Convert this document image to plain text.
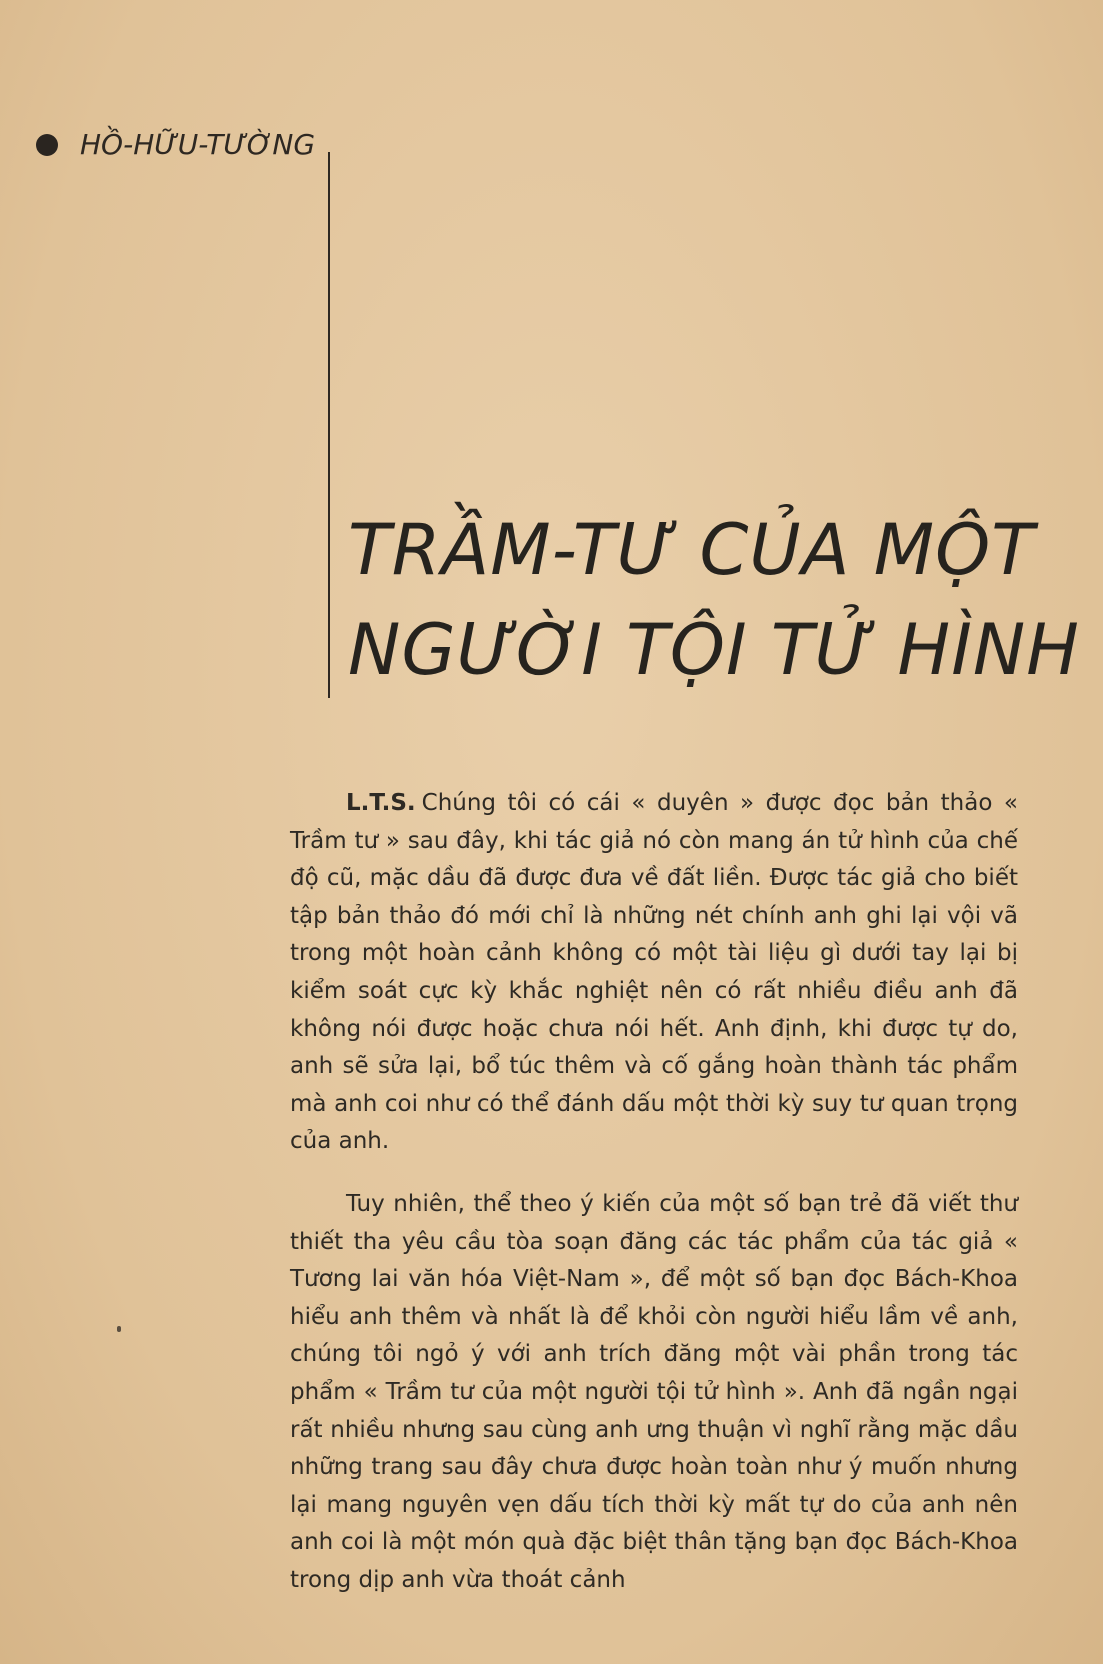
HỒ-HỮU-TƯỜNG
TRẦM-TƯ CỦA MỘT
NGƯỜI TỘI TỬ HÌNH

L.T.S. Chúng tôi có cái « duyên » được đọc bản thảo « Trầm tư » sau đây, khi tác giả nó còn mang án tử hình của chế độ cũ, mặc dầu đã được đưa về đất liền. Được tác giả cho biết tập bản thảo đó mới chỉ là những nét chính anh ghi lại vội vã trong một hoàn cảnh không có một tài liệu gì dưới tay lại bị kiểm soát cực kỳ khắc nghiệt nên có rất nhiều điều anh đã không nói được hoặc chưa nói hết. Anh định, khi được tự do, anh sẽ sửa lại, bổ túc thêm và cố gắng hoàn thành tác phẩm mà anh coi như có thể đánh dấu một thời kỳ suy tư quan trọng của anh.

Tuy nhiên, thể theo ý kiến của một số bạn trẻ đã viết thư thiết tha yêu cầu tòa soạn đăng các tác phẩm của tác giả « Tương lai văn hóa Việt-Nam », để một số bạn đọc Bách-Khoa hiểu anh thêm và nhất là để khỏi còn người hiểu lầm về anh, chúng tôi ngỏ ý với anh trích đăng một vài phần trong tác phẩm « Trầm tư của một người tội tử hình ». Anh đã ngần ngại rất nhiều nhưng sau cùng anh ưng thuận vì nghĩ rằng mặc dầu những trang sau đây chưa được hoàn toàn như ý muốn nhưng lại mang nguyên vẹn dấu tích thời kỳ mất tự do của anh nên anh coi là một món quà đặc biệt thân tặng bạn đọc Bách-Khoa trong dịp anh vừa thoát cảnh
